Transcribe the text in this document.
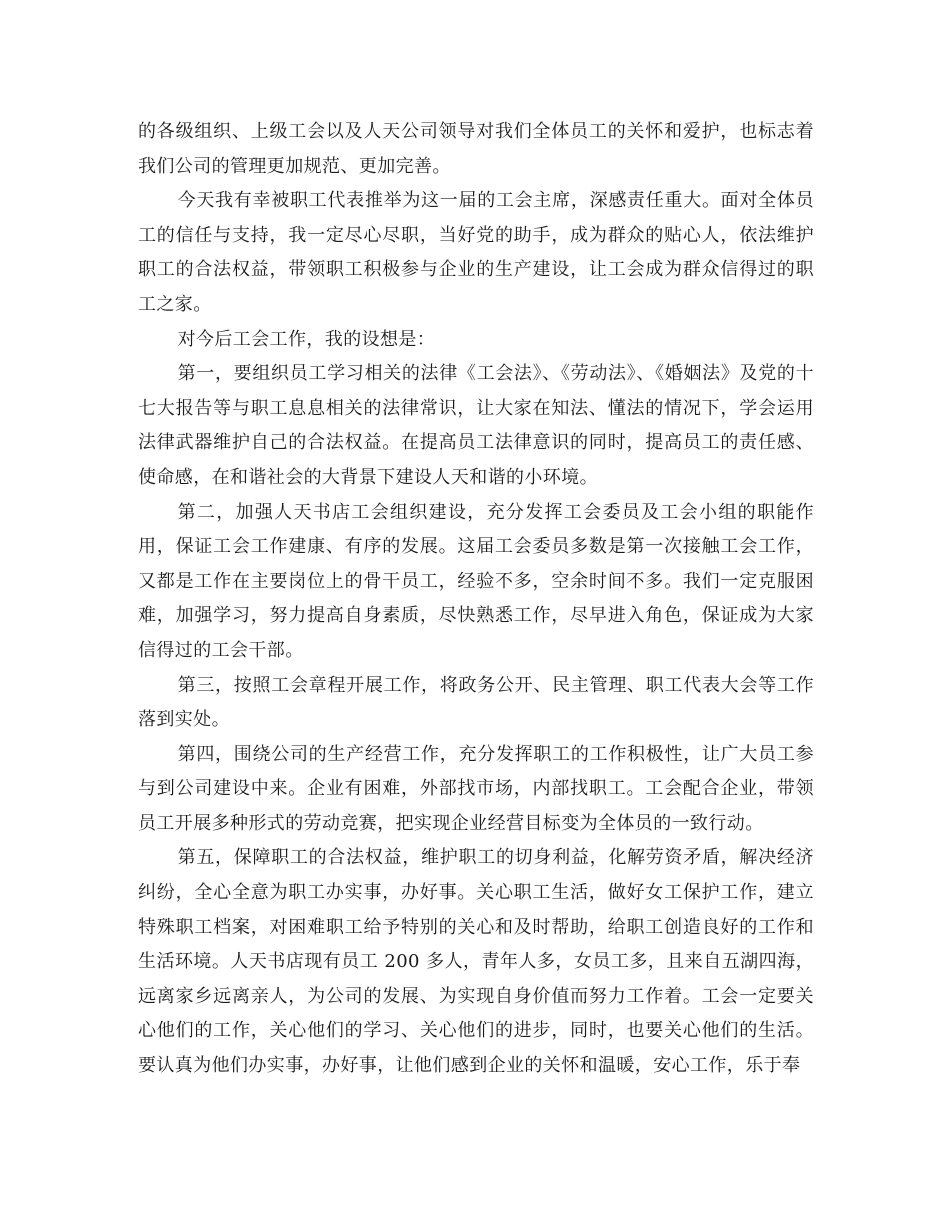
的各级组织、上级工会以及人天公司领导对我们全体员工的关怀和爱护，也标志着我们公司的管理更加规范、更加完善。

今天我有幸被职工代表推举为这一届的工会主席，深感责任重大。面对全体员工的信任与支持，我一定尽心尽职，当好党的助手，成为群众的贴心人，依法维护职工的合法权益，带领职工积极参与企业的生产建设，让工会成为群众信得过的职工之家。

对今后工会工作，我的设想是：

第一，要组织员工学习相关的法律《工会法》、《劳动法》、《婚姻法》及党的十七大报告等与职工息息相关的法律常识，让大家在知法、懂法的情况下，学会运用法律武器维护自己的合法权益。在提高员工法律意识的同时，提高员工的责任感、使命感，在和谐社会的大背景下建设人天和谐的小环境。

第二，加强人天书店工会组织建设，充分发挥工会委员及工会小组的职能作用，保证工会工作建康、有序的发展。这届工会委员多数是第一次接触工会工作，又都是工作在主要岗位上的骨干员工，经验不多，空余时间不多。我们一定克服困难，加强学习，努力提高自身素质，尽快熟悉工作，尽早进入角色，保证成为大家信得过的工会干部。

第三，按照工会章程开展工作，将政务公开、民主管理、职工代表大会等工作落到实处。

第四，围绕公司的生产经营工作，充分发挥职工的工作积极性，让广大员工参与到公司建设中来。企业有困难，外部找市场，内部找职工。工会配合企业，带领员工开展多种形式的劳动竞赛，把实现企业经营目标变为全体员的一致行动。

第五，保障职工的合法权益，维护职工的切身利益，化解劳资矛盾，解决经济纠纷，全心全意为职工办实事，办好事。关心职工生活，做好女工保护工作，建立特殊职工档案，对困难职工给予特别的关心和及时帮助，给职工创造良好的工作和生活环境。人天书店现有员工 200 多人，青年人多，女员工多，且来自五湖四海，远离家乡远离亲人，为公司的发展、为实现自身价值而努力工作着。工会一定要关心他们的工作，关心他们的学习、关心他们的进步，同时，也要关心他们的生活。要认真为他们办实事，办好事，让他们感到企业的关怀和温暖，安心工作，乐于奉
